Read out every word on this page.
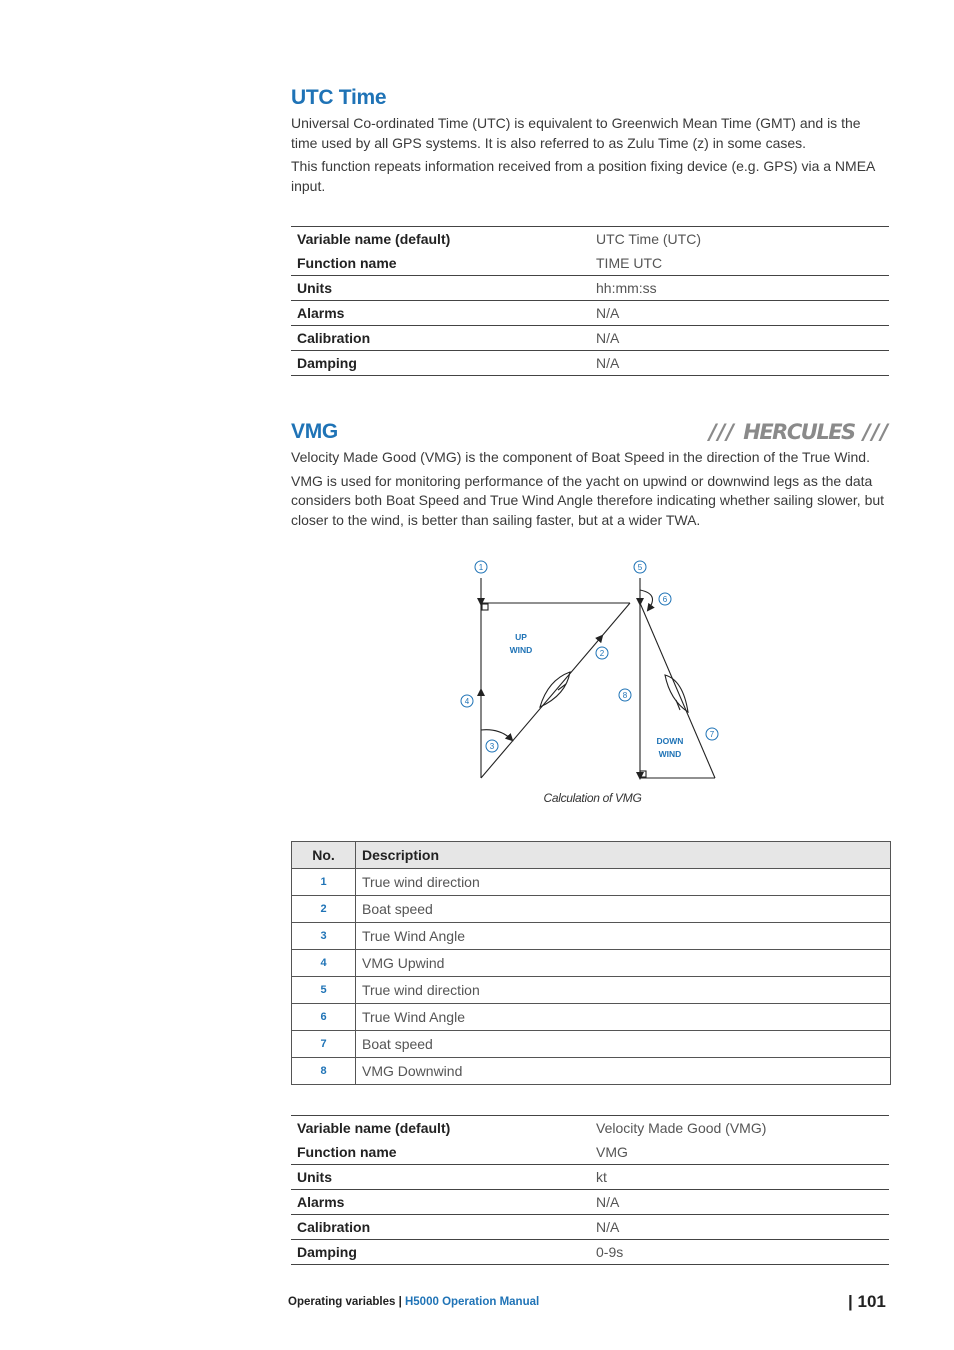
UTC Time

Universal Co-ordinated Time (UTC) is equivalent to Greenwich Mean Time (GMT) and is the time used by all GPS systems. It is also referred to as Zulu Time (z) in some cases.

This function repeats information received from a position fixing device (e.g. GPS) via a NMEA input.

Variable name (default)	UTC Time (UTC)
Function name	TIME UTC
Units	hh:mm:ss
Alarms	N/A
Calibration	N/A
Damping	N/A
VMG	/// HERCULES ///

Velocity Made Good (VMG) is the component of Boat Speed in the direction of the True Wind.

VMG is used for monitoring performance of the yacht on upwind or downwind legs as the data considers both Boat Speed and True Wind Angle therefore indicating whether sailing slower, but closer to the wind, is better than sailing faster, but at a wider TWA.

UP
WIND
DOWN
WIND
1
2
3
4
5
6
7
8
Calculation of VMG
No.	Description
1	True wind direction
2	Boat speed
3	True Wind Angle
4	VMG Upwind
5	True wind direction
6	True Wind Angle
7	Boat speed
8	VMG Downwind
Variable name (default)	Velocity Made Good (VMG)
Function name	VMG
Units	kt
Alarms	N/A
Calibration	N/A
Damping	0-9s
Operating variables | H5000 Operation Manual	| 101
